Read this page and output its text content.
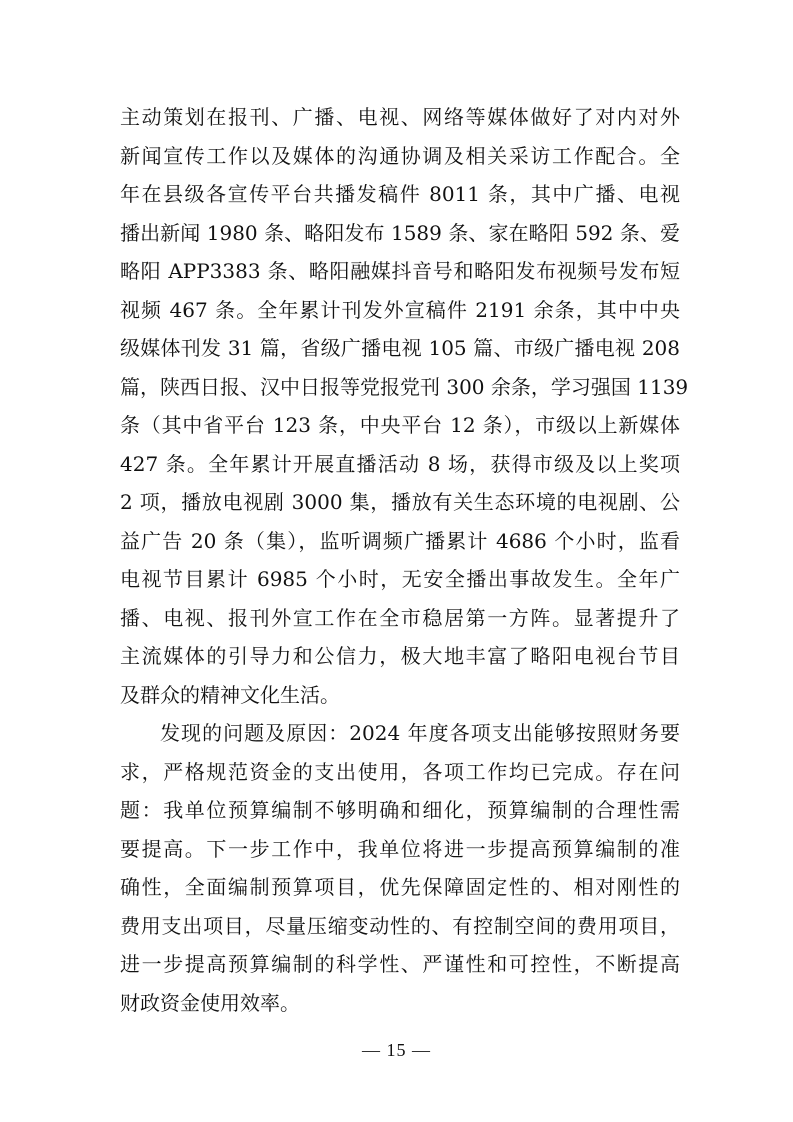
主动策划在报刊、广播、电视、网络等媒体做好了对内对外
新闻宣传工作以及媒体的沟通协调及相关采访工作配合。全
年在县级各宣传平台共播发稿件 8011 条，其中广播、电视
播出新闻 1980 条、略阳发布 1589 条、家在略阳 592 条、爱
略阳 APP3383 条、略阳融媒抖音号和略阳发布视频号发布短
视频 467 条。全年累计刊发外宣稿件 2191 余条，其中中央
级媒体刊发 31 篇，省级广播电视 105 篇、市级广播电视 208
篇，陕西日报、汉中日报等党报党刊 300 余条，学习强国 1139
条（其中省平台 123 条，中央平台 12 条），市级以上新媒体
427 条。全年累计开展直播活动 8 场，获得市级及以上奖项
2 项，播放电视剧 3000 集，播放有关生态环境的电视剧、公
益广告 20 条（集），监听调频广播累计 4686 个小时，监看
电视节目累计 6985 个小时，无安全播出事故发生。全年广
播、电视、报刊外宣工作在全市稳居第一方阵。显著提升了
主流媒体的引导力和公信力，极大地丰富了略阳电视台节目
及群众的精神文化生活。
发现的问题及原因：2024 年度各项支出能够按照财务要
求，严格规范资金的支出使用，各项工作均已完成。存在问
题：我单位预算编制不够明确和细化，预算编制的合理性需
要提高。下一步工作中，我单位将进一步提高预算编制的准
确性，全面编制预算项目，优先保障固定性的、相对刚性的
费用支出项目，尽量压缩变动性的、有控制空间的费用项目，
进一步提高预算编制的科学性、严谨性和可控性，不断提高
财政资金使用效率。
— 15 —
